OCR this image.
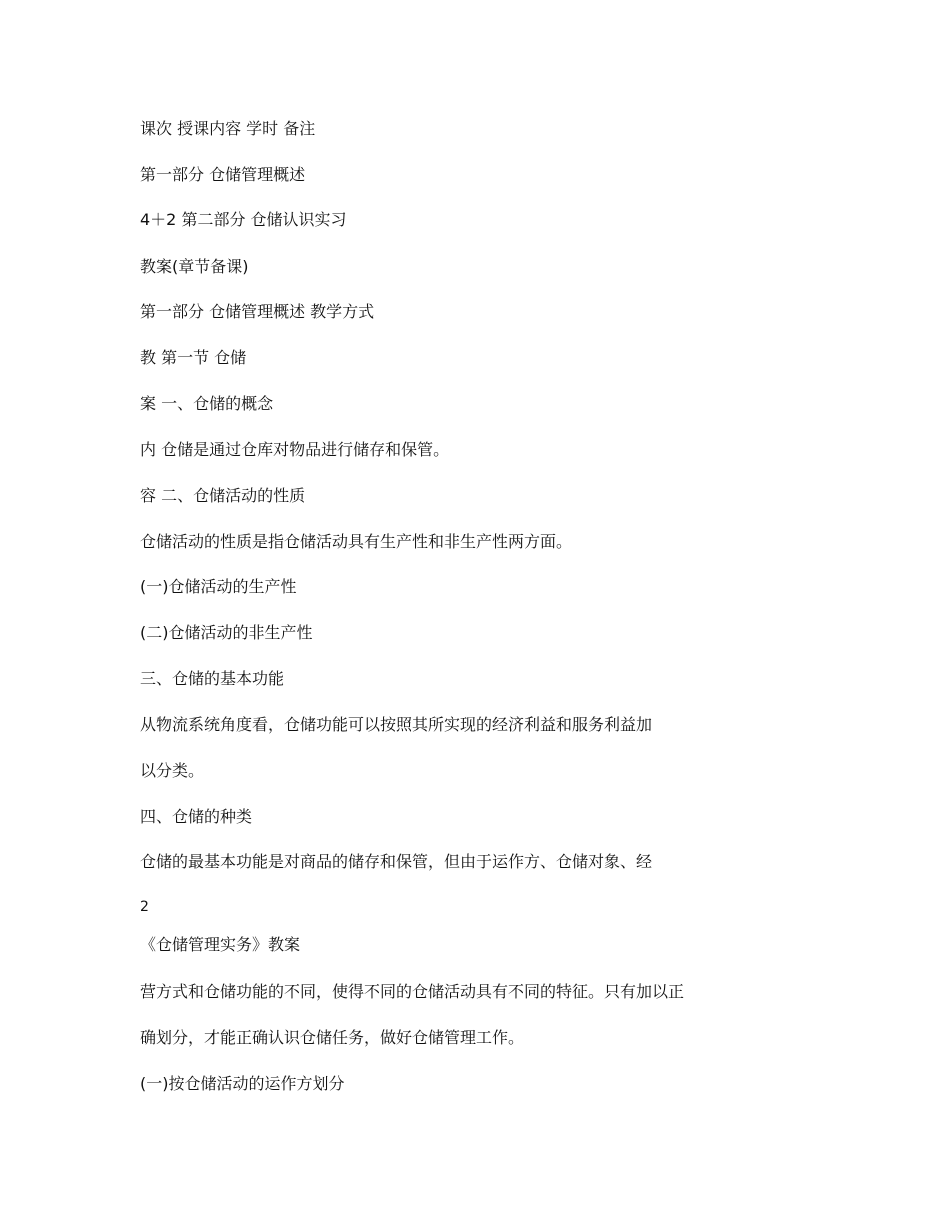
课次 授课内容 学时 备注

第一部分 仓储管理概述

4＋2 第二部分 仓储认识实习

教案(章节备课)

第一部分 仓储管理概述 教学方式

教 第一节 仓储

案 一、仓储的概念

内 仓储是通过仓库对物品进行储存和保管。

容 二、仓储活动的性质

仓储活动的性质是指仓储活动具有生产性和非生产性两方面。

(一)仓储活动的生产性

(二)仓储活动的非生产性

三、仓储的基本功能

从物流系统角度看，仓储功能可以按照其所实现的经济利益和服务利益加

以分类。

四、仓储的种类

仓储的最基本功能是对商品的储存和保管，但由于运作方、仓储对象、经

2

《仓储管理实务》教案

营方式和仓储功能的不同，使得不同的仓储活动具有不同的特征。只有加以正

确划分，才能正确认识仓储任务，做好仓储管理工作。

(一)按仓储活动的运作方划分
